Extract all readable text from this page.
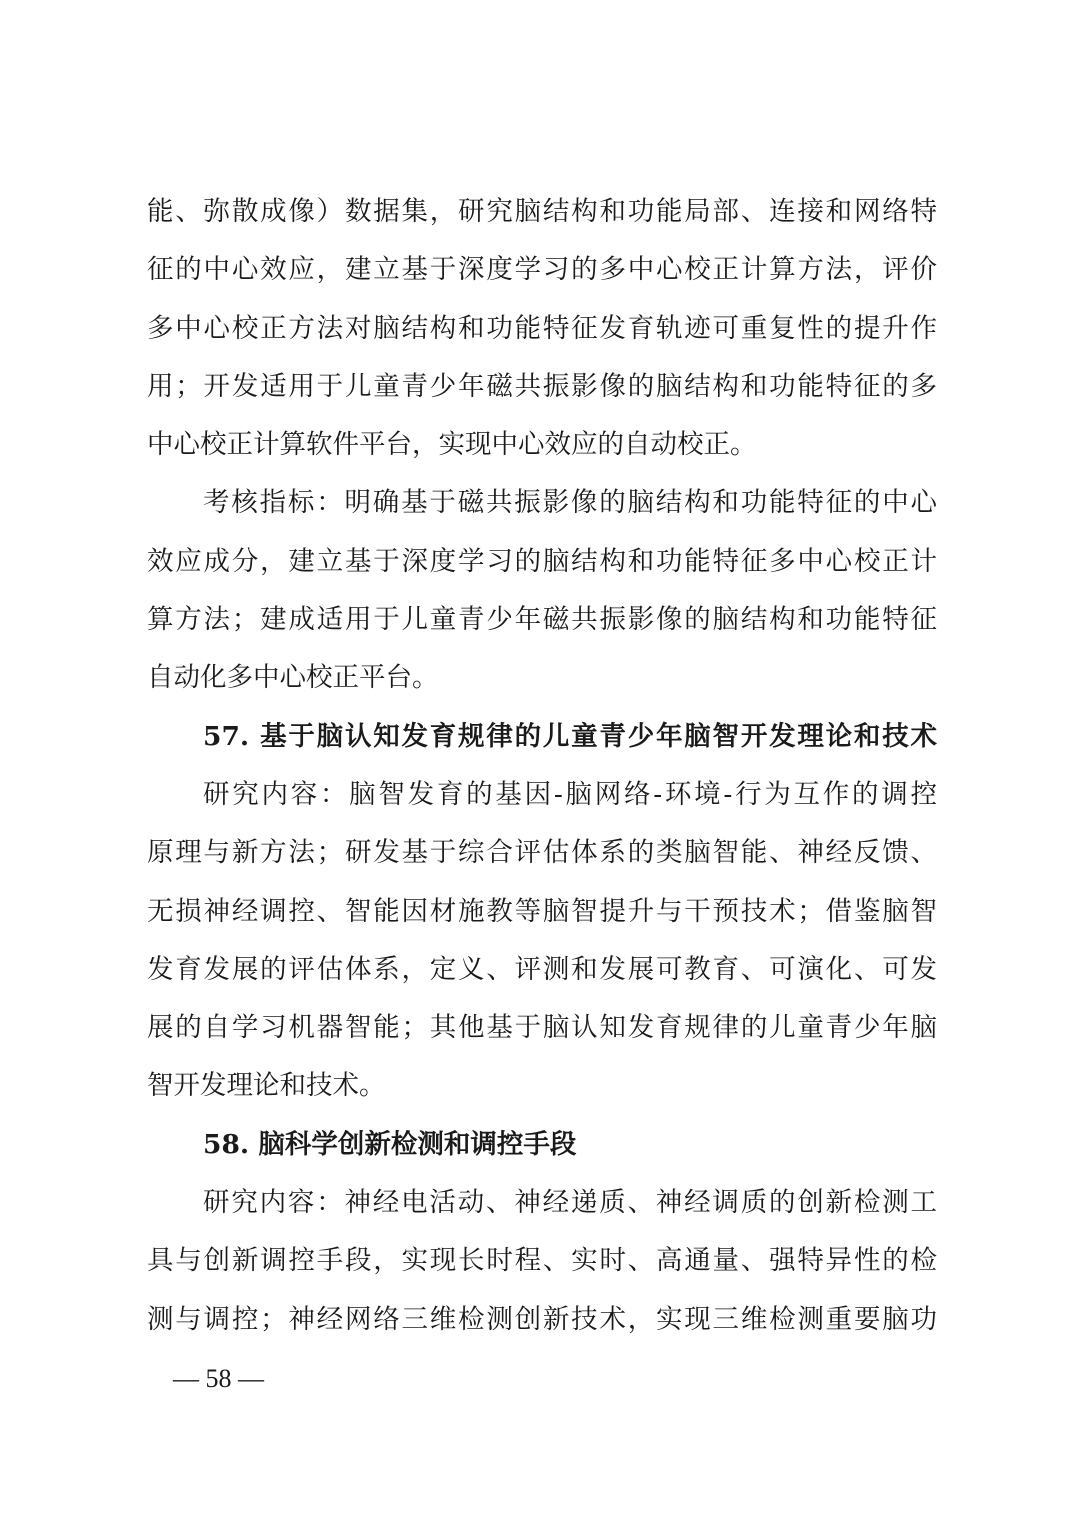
能、弥散成像）数据集，研究脑结构和功能局部、连接和网络特
征的中心效应，建立基于深度学习的多中心校正计算方法，评价
多中心校正方法对脑结构和功能特征发育轨迹可重复性的提升作
用；开发适用于儿童青少年磁共振影像的脑结构和功能特征的多
中心校正计算软件平台，实现中心效应的自动校正。
考核指标：明确基于磁共振影像的脑结构和功能特征的中心
效应成分，建立基于深度学习的脑结构和功能特征多中心校正计
算方法；建成适用于儿童青少年磁共振影像的脑结构和功能特征
自动化多中心校正平台。
57. 基于脑认知发育规律的儿童青少年脑智开发理论和技术
研究内容：脑智发育的基因-脑网络-环境-行为互作的调控
原理与新方法；研发基于综合评估体系的类脑智能、神经反馈、
无损神经调控、智能因材施教等脑智提升与干预技术；借鉴脑智
发育发展的评估体系，定义、评测和发展可教育、可演化、可发
展的自学习机器智能；其他基于脑认知发育规律的儿童青少年脑
智开发理论和技术。
58. 脑科学创新检测和调控手段
研究内容：神经电活动、神经递质、神经调质的创新检测工
具与创新调控手段，实现长时程、实时、高通量、强特异性的检
测与调控；神经网络三维检测创新技术，实现三维检测重要脑功
— 58 —
